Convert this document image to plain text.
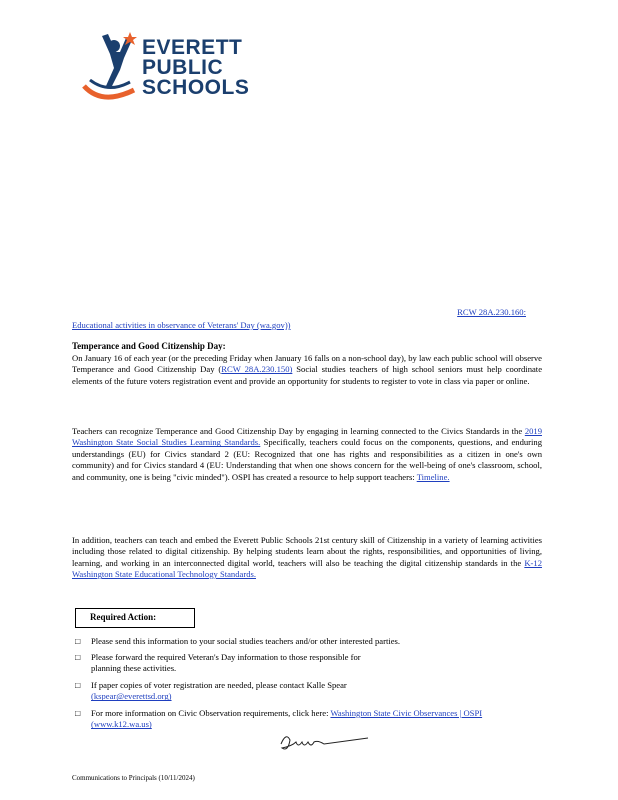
EVERETT
PUBLIC
SCHOOLS
RCW 28A.230.160:
Educational activities in observance of Veterans' Day (wa.gov))
Temperance and Good Citizenship Day:
On January 16 of each year (or the preceding Friday when January 16 falls on a non-school day), by law each public school will observe Temperance and Good Citizenship Day (RCW 28A.230.150) Social studies teachers of high school seniors must help coordinate elements of the future voters registration event and provide an opportunity for students to register to vote in class via paper or online.
Teachers can recognize Temperance and Good Citizenship Day by engaging in learning connected to the Civics Standards in the 2019 Washington State Social Studies Learning Standards. Specifically, teachers could focus on the components, questions, and enduring understandings (EU) for Civics standard 2 (EU: Recognized that one has rights and responsibilities as a citizen in one's own community) and for Civics standard 4 (EU: Understanding that when one shows concern for the well-being of one's classroom, school, and community, one is being "civic minded"). OSPI has created a resource to help support teachers: Timeline.
In addition, teachers can teach and embed the Everett Public Schools 21st century skill of Citizenship in a variety of learning activities including those related to digital citizenship. By helping students learn about the rights, responsibilities, and opportunities of living, learning, and working in an interconnected digital world, teachers will also be teaching the digital citizenship standards in the K-12 Washington State Educational Technology Standards.
Required Action:
□ Please send this information to your social studies teachers and/or other interested parties.
□ Please forward the required Veteran's Day information to those responsible for planning these activities.
□ If paper copies of voter registration are needed, please contact Kalle Spear
(kspear@everettsd.org)
□ For more information on Civic Observation requirements, click here: Washington State Civic Observances | OSPI (www.k12.wa.us)
Communications to Principals (10/11/2024)
